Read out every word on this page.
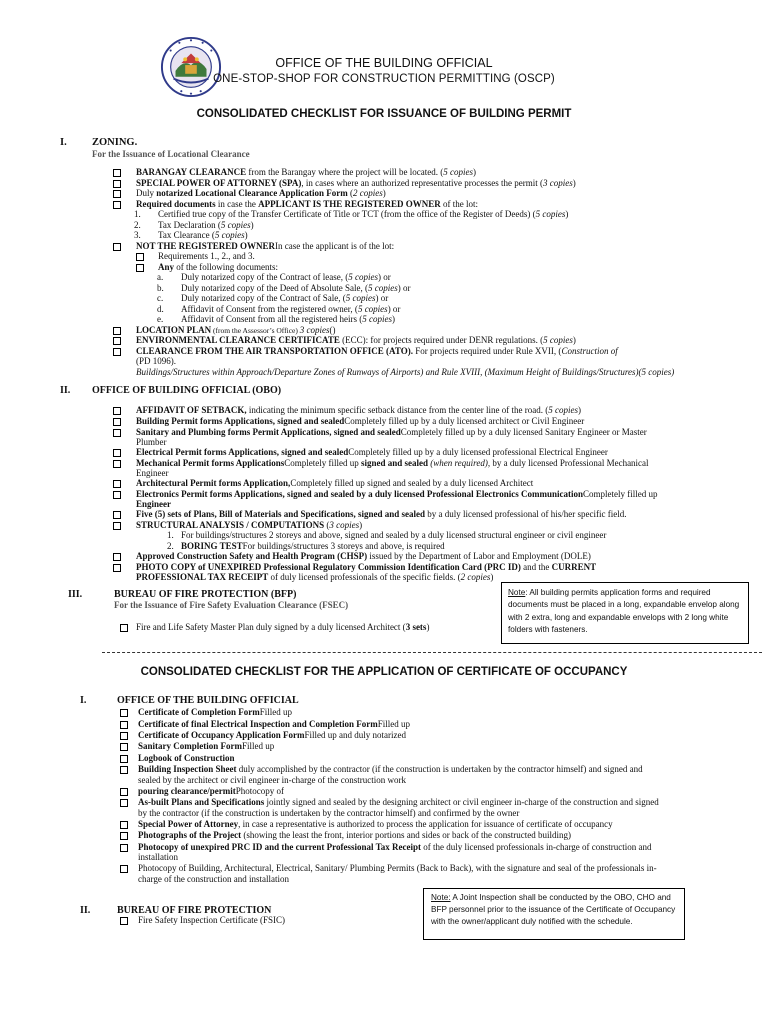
OFFICE OF THE BUILDING OFFICIAL
ONE-STOP-SHOP FOR CONSTRUCTION PERMITTING (OSCP)
CONSOLIDATED CHECKLIST FOR ISSUANCE OF BUILDING PERMIT
I. ZONING.
For the Issuance of Locational Clearance
BARANGAY CLEARANCE from the Barangay where the project will be located. (5 copies)
SPECIAL POWER OF ATTORNEY (SPA), in cases where an authorized representative processes the permit (3 copies)
Duly notarized Locational Clearance Application Form (2 copies)
Required documents in case the APPLICANT IS THE REGISTERED OWNER of the lot:
Certified true copy of the Transfer Certificate of Title or TCT (from the office of the Register of Deeds) (5 copies)
1.
Tax Declaration (5 copies)
2.
Tax Clearance (5 copies)
3.
NOT THE REGISTERED OWNERIn case the applicant is of the lot:
Requirements 1., 2., and 3.
Any of the following documents:
Duly notarized copy of the Contract of lease, (5 copies) or
a.
Duly notarized copy of the Deed of Absolute Sale, (5 copies) or
b.
Duly notarized copy of the Contract of Sale, (5 copies) or
c.
Affidavit of Consent from the registered owner, (5 copies) or
d.
Affidavit of Consent from all the registered heirs (5 copies)
e.
LOCATION PLAN (from the Assessor’s Office) 3 copies()
ENVIRONMENTAL CLEARANCE CERTIFICATE (ECC): for projects required under DENR regulations. (5 copies)
CLEARANCE FROM THE AIR TRANSPORTATION OFFICE (ATO). For projects required under Rule XVII, (Construction of
(PD 1096).
Buildings/Structures within Approach/Departure Zones of Runways of Airports) and Rule XVIII, (Maximum Height of Buildings/Structures)(5 copies)
II. OFFICE OF BUILDING OFFICIAL (OBO)
AFFIDAVIT OF SETBACK, indicating the minimum specific setback distance from the center line of the road. (5 copies)
Building Permit forms Applications, signed and sealedCompletely filled up by a duly licensed architect or Civil Engineer
Sanitary and Plumbing forms Permit Applications, signed and sealedCompletely filled up by a duly licensed Sanitary Engineer or Master
Plumber
Electrical Permit forms Applications, signed and sealedCompletely filled up by a duly licensed professional Electrical Engineer
Mechanical Permit forms ApplicationsCompletely filled up signed and sealed (when required), by a duly licensed Professional Mechanical
Engineer
Architectural Permit forms Application,Completely filled up signed and sealed by a duly licensed Architect
Electronics Permit forms Applications, signed and sealed by a duly licensed Professional Electronics CommunicationCompletely filled up
Engineer
Five (5) sets of Plans, Bill of Materials and Specifications, signed and sealed by a duly licensed professional of his/her specific field.
STRUCTURAL ANALYSIS / COMPUTATIONS (3 copies)
For buildings/structures 2 storeys and above, signed and sealed by a duly licensed structural engineer or civil engineer
1.
BORING TESTFor buildings/structures 3 storeys and above, is required
2.
Approved Construction Safety and Health Program (CHSP) issued by the Department of Labor and Employment (DOLE)
PHOTO COPY of UNEXPIRED Professional Regulatory Commission Identification Card (PRC ID) and the CURRENT
PROFESSIONAL TAX RECEIPT of duly licensed professionals of the specific fields. (2 copies)
III.	BUREAU OF FIRE PROTECTION (BFP)
For the Issuance of Fire Safety Evaluation Clearance (FSEC)
Fire and Life Safety Master Plan duly signed by a duly licensed Architect (3 sets)
Note: All building permits application forms and required documents must be placed in a long, expandable envelop along with 2 extra, long and expandable envelops with 2 long white folders with fasteners.
CONSOLIDATED CHECKLIST FOR THE APPLICATION OF CERTIFICATE OF OCCUPANCY
I.	OFFICE OF THE BUILDING OFFICIAL
Certificate of Completion FormFilled up
Certificate of final Electrical Inspection and Completion FormFilled up
Certificate of Occupancy Application FormFilled up and duly notarized
Sanitary Completion FormFilled up
Logbook of Construction
Building Inspection Sheet duly accomplished by the contractor (if the construction is undertaken by the contractor himself) and signed and
sealed by the architect or civil engineer in-charge of the construction work
pouring clearance/permitPhotocopy of
As-built Plans and Specifications jointly signed and sealed by the designing architect or civil engineer in-charge of the construction and signed
by the contractor (if the construction is undertaken by the contractor himself) and confirmed by the owner
Special Power of Attorney, in case a representative is authorized to process the application for issuance of certificate of occupancy
Photographs of the Project (showing the least the front, interior portions and sides or back of the constructed building)
Photocopy of unexpired PRC ID and the current Professional Tax Receipt of the duly licensed professionals in-charge of construction and
installation
Photocopy of Building, Architectural, Electrical, Sanitary/ Plumbing Permits (Back to Back), with the signature and seal of the professionals in-
charge of the construction and installation
II.	BUREAU OF FIRE PROTECTION
Fire Safety Inspection Certificate (FSIC)
Note: A Joint Inspection shall be conducted by the OBO, CHO and BFP personnel prior to the issuance of the Certificate of Occupancy with the owner/applicant duly notified with the schedule.
